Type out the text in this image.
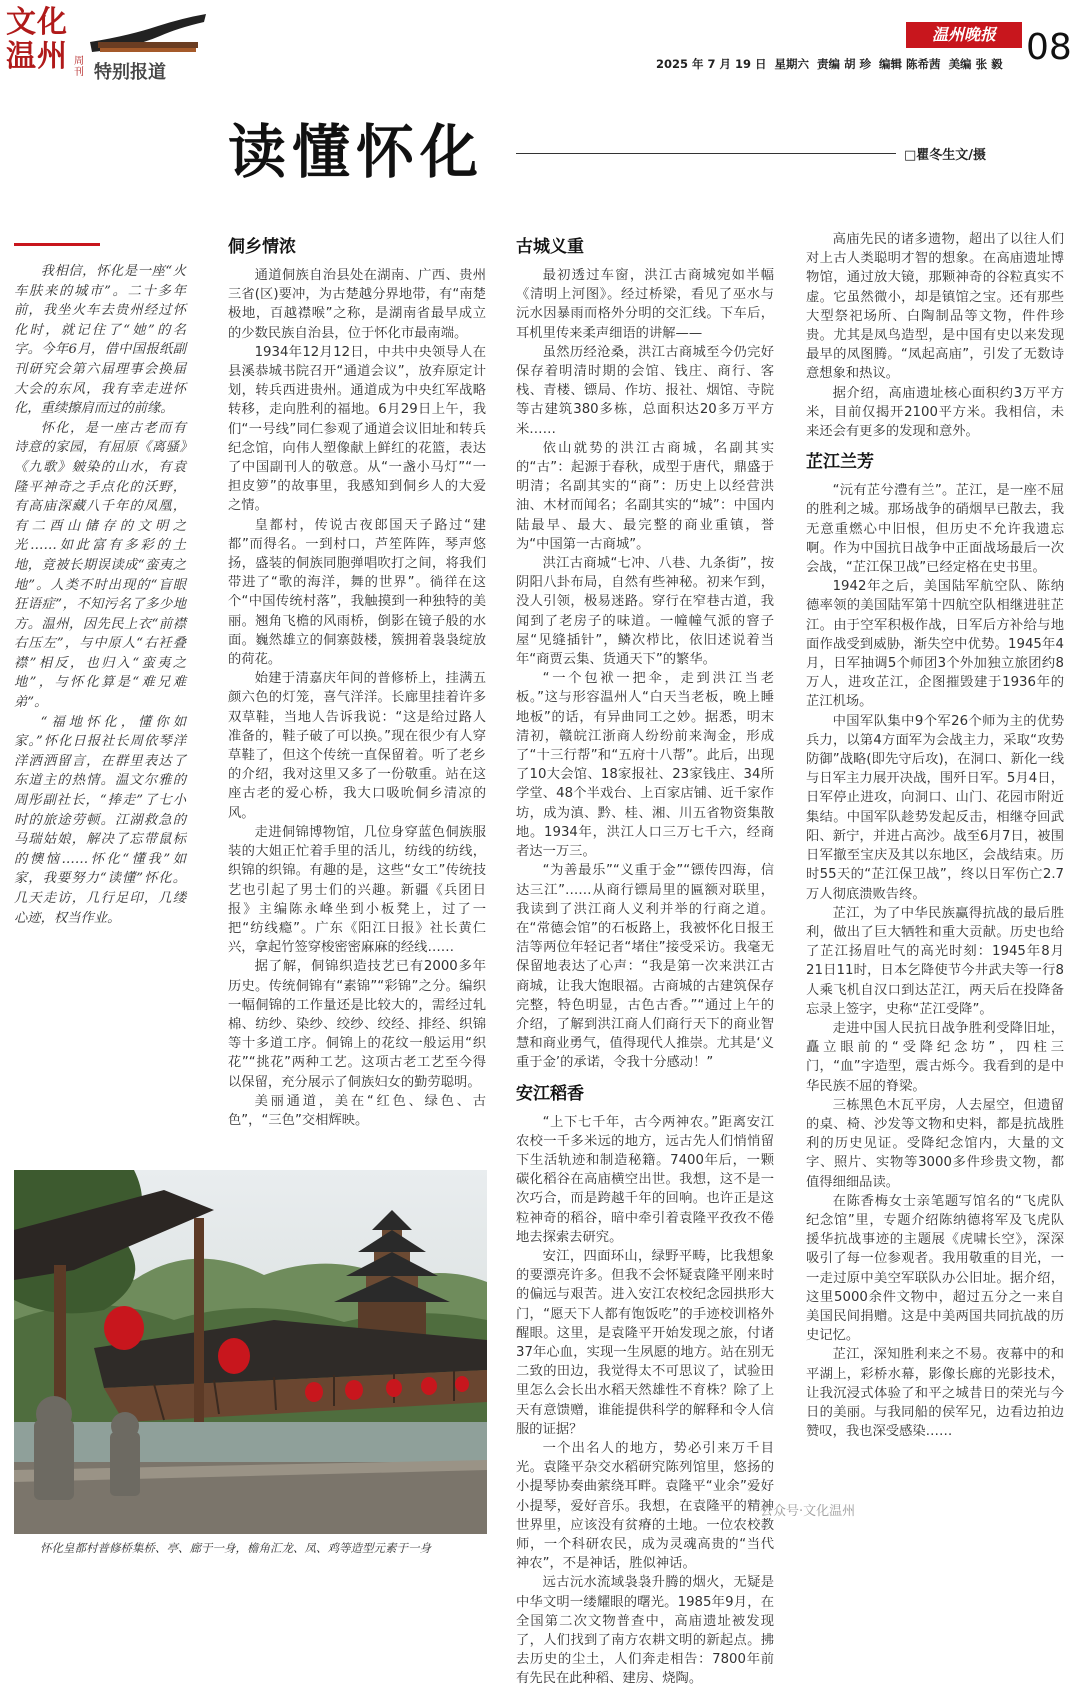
文化温州 周刊 特别报道
温州晚报 08
2025 年 7 月 19 日 星期六 责编 胡 珍 编辑 陈希茜 美编 张 毅
读懂怀化	□瞿冬生文/摄

我相信，怀化是一座“火车肤来的城市”。二十多年前，我坐火车去贵州经过怀化时，就记住了“她”的名字。今年6月，借中国报纸副刊研究会第六届理事会换届大会的东风，我有幸走进怀化，重续擦肩而过的前缘。

怀化，是一座古老而有诗意的家园，有屈原《离骚》《九歌》皴染的山水，有袁隆平神奇之手点化的沃野，有高庙深藏八千年的凤凰，有二酉山储存的文明之光……如此富有多彩的土地，竟被长期误读成“蛮夷之地”。人类不时出现的“盲眼狂语症”，不知污名了多少地方。温州，因先民上衣“前襟右压左”，与中原人“右衽叠襟”相反，也归入“蛮夷之地”，与怀化算是“难兄难弟”。

“福地怀化，懂你如家。”怀化日报社长周依琴洋洋洒洒留言，在群里表达了东道主的热情。温文尔雅的周彤副社长，“捧走”了七小时的旅途劳顿。江湖救急的马瑞姑娘，解决了忘带鼠标的懊恼……怀化“懂我”如家，我要努力“读懂”怀化。几天走访，几行足印，几缕心迹，权当作业。

侗乡情浓

通道侗族自治县处在湖南、广西、贵州三省(区)要冲，为古楚越分界地带，有“南楚极地，百越襟喉”之称，是湖南省最早成立的少数民族自治县，位于怀化市最南端。

1934年12月12日，中共中央领导人在县溪恭城书院召开“通道会议”，放弃原定计划，转兵西进贵州。通道成为中央红军战略转移，走向胜利的福地。6月29日上午，我们“一号线”同仁参观了通道会议旧址和转兵纪念馆，向伟人塑像献上鲜红的花篮，表达了中国副刊人的敬意。从“一盏小马灯”“一担皮箩”的故事里，我感知到侗乡人的大爱之情。

皇都村，传说古夜郎国天子路过“建都”而得名。一到村口，芦笙阵阵，琴声悠扬，盛装的侗族同胞弹唱吹打之间，将我们带进了“歌的海洋，舞的世界”。徜徉在这个“中国传统村落”，我触摸到一种独特的美丽。翘角飞檐的风雨桥，倒影在镜子般的水面。巍然雄立的侗寨鼓楼，簇拥着袅袅绽放的荷花。

始建于清嘉庆年间的普修桥上，挂满五颜六色的灯笼，喜气洋洋。长廊里挂着许多双草鞋，当地人告诉我说：“这是给过路人准备的，鞋子破了可以换。”现在很少有人穿草鞋了，但这个传统一直保留着。听了老乡的介绍，我对这里又多了一份敬重。站在这座古老的爱心桥，我大口吸吮侗乡清凉的风。

走进侗锦博物馆，几位身穿蓝色侗族服装的大姐正忙着手里的活儿，纺线的纺线，织锦的织锦。有趣的是，这些“女工”传统技艺也引起了男士们的兴趣。新疆《兵团日报》主编陈永峰坐到小板凳上，过了一把“纺线瘾”。广东《阳江日报》社长黄仁兴，拿起竹签穿梭密密麻麻的经线……

据了解，侗锦织造技艺已有2000多年历史。传统侗锦有“素锦”“彩锦”之分。编织一幅侗锦的工作量还是比较大的，需经过轧棉、纺纱、染纱、绞纱、绞经、排经、织锦等十多道工序。侗锦上的花纹一般运用“织花”“挑花”两种工艺。这项古老工艺至今得以保留，充分展示了侗族妇女的勤劳聪明。

美丽通道，美在“红色、绿色、古色”，“三色”交相辉映。

古城义重

最初透过车窗，洪江古商城宛如半幅《清明上河图》。经过桥梁，看见了巫水与沅水因暴雨而格外分明的交汇线。下车后，耳机里传来柔声细语的讲解——

虽然历经沧桑，洪江古商城至今仍完好保存着明清时期的会馆、钱庄、商行、客栈、青楼、镖局、作坊、报社、烟馆、寺院等古建筑380多栋，总面积达20多万平方米……

依山就势的洪江古商城，名副其实的“古”：起源于春秋，成型于唐代，鼎盛于明清；名副其实的“商”：历史上以经营洪油、木材而闻名；名副其实的“城”：中国内陆最早、最大、最完整的商业重镇，誉为“中国第一古商城”。

洪江古商城“七冲、八巷、九条街”，按阴阳八卦布局，自然有些神秘。初来乍到，没人引领，极易迷路。穿行在窄巷古道，我闻到了老房子的味道。一幢幢气派的窨子屋“见缝插针”，鳞次栉比，依旧述说着当年“商贾云集、货通天下”的繁华。

“一个包袱一把伞，走到洪江当老板。”这与形容温州人“白天当老板，晚上睡地板”的话，有异曲同工之妙。据悉，明末清初，赣皖江浙商人纷纷前来淘金，形成了“十三行帮”和“五府十八帮”。此后，出现了10大会馆、18家报社、23家钱庄、34所学堂、48个半戏台、上百家店铺、近千家作坊，成为滇、黔、桂、湘、川五省物资集散地。1934年，洪江人口三万七千六，经商者达一万三。

“为善最乐”“义重于金”“镖传四海，信达三江”……从商行镖局里的匾额对联里，我读到了洪江商人义利并举的行商之道。在“常德会馆”的石板路上，我被怀化日报王洁等两位年轻记者“堵住”接受采访。我毫无保留地表达了心声：“我是第一次来洪江古商城，让我大饱眼福。古商城的古建筑保存完整，特色明显，古色古香。”“通过上午的介绍，了解到洪江商人们商行天下的商业智慧和商业勇气，值得现代人推崇。尤其是‘义重于金’的承诺，令我十分感动！”

安江稻香

“上下七千年，古今两神农。”距离安江农校一千多米远的地方，远古先人们悄悄留下生活轨迹和制造秘籍。7400年后，一颗碳化稻谷在高庙横空出世。我想，这不是一次巧合，而是跨越千年的回响。也许正是这粒神奇的稻谷，暗中牵引着袁隆平孜孜不倦地去探索去研究。

安江，四面环山，绿野平畴，比我想象的要漂亮许多。但我不会怀疑袁隆平刚来时的偏远与艰苦。进入安江农校纪念园拱形大门，“愿天下人都有饱饭吃”的手迹校训格外醒眼。这里，是袁隆平开始发现之旅，付诸37年心血，实现一生夙愿的地方。站在别无二致的田边，我觉得太不可思议了，试验田里怎么会长出水稻天然雄性不育株？除了上天有意馈赠，谁能提供科学的解释和令人信服的证据？

一个出名人的地方，势必引来万千目光。袁隆平杂交水稻研究陈列馆里，悠扬的小提琴协奏曲萦绕耳畔。袁隆平“业余”爱好小提琴，爱好音乐。我想，在袁隆平的精神世界里，应该没有贫瘠的土地。一位农校教师，一个科研农民，成为灵魂高贵的“当代神农”，不是神话，胜似神话。

远古沅水流域袅袅升腾的烟火，无疑是中华文明一缕耀眼的曙光。1985年9月，在全国第二次文物普查中，高庙遗址被发现了，人们找到了南方农耕文明的新起点。拂去历史的尘土，人们奔走相告：7800年前有先民在此种稻、建房、烧陶。

高庙先民的诸多遗物，超出了以往人们对上古人类聪明才智的想象。在高庙遗址博物馆，通过放大镜，那颗神奇的谷粒真实不虚。它虽然微小，却是镇馆之宝。还有那些大型祭祀场所、白陶制品等文物，件件珍贵。尤其是凤鸟造型，是中国有史以来发现最早的凤图腾。“凤起高庙”，引发了无数诗意想象和热议。

据介绍，高庙遗址核心面积约3万平方米，目前仅揭开2100平方米。我相信，未来还会有更多的发现和意外。

芷江兰芳

“沅有芷兮澧有兰”。芷江，是一座不屈的胜利之城。那场战争的硝烟早已散去，我无意重燃心中旧恨，但历史不允许我遗忘啊。作为中国抗日战争中正面战场最后一次会战，“芷江保卫战”已经定格在史书里。

1942年之后，美国陆军航空队、陈纳德率领的美国陆军第十四航空队相继进驻芷江。由于空军积极作战，日军后方补给与地面作战受到威胁，渐失空中优势。1945年4月，日军抽调5个师团3个外加独立旅团约8万人，进攻芷江，企图摧毁建于1936年的芷江机场。

中国军队集中9个军26个师为主的优势兵力，以第4方面军为会战主力，采取“攻势防御”战略(即先守后攻)，在洞口、新化一线与日军主力展开决战，围歼日军。5月4日，日军停止进攻，向洞口、山门、花园市附近集结。中国军队趁势发起反击，相继夺回武阳、新宁，并进占高沙。战至6月7日，被围日军撤至宝庆及其以东地区，会战结束。历时55天的“芷江保卫战”，终以日军伤亡2.7万人彻底溃败告终。

芷江，为了中华民族赢得抗战的最后胜利，做出了巨大牺牲和重大贡献。历史也给了芷江扬眉吐气的高光时刻：1945年8月21日11时，日本乞降使节今井武夫等一行8人乘飞机自汉口到达芷江，两天后在投降备忘录上签字，史称“芷江受降”。

走进中国人民抗日战争胜利受降旧址，矗立眼前的“受降纪念坊”，四柱三门，“血”字造型，震古烁今。我看到的是中华民族不屈的脊梁。

三栋黑色木瓦平房，人去屋空，但遗留的桌、椅、沙发等文物和史料，都是抗战胜利的历史见证。受降纪念馆内，大量的文字、照片、实物等3000多件珍贵文物，都值得细细品读。

在陈香梅女士亲笔题写馆名的“飞虎队纪念馆”里，专题介绍陈纳德将军及飞虎队援华抗战事迹的主题展《虎啸长空》，深深吸引了每一位参观者。我用敬重的目光，一一走过原中美空军联队办公旧址。据介绍，这里5000余件文物中，超过五分之一来自美国民间捐赠。这是中美两国共同抗战的历史记忆。

芷江，深知胜利来之不易。夜幕中的和平湖上，彩桥水幕，影像长廊的光影技术，让我沉浸式体验了和平之城昔日的荣光与今日的美丽。与我同船的侯军兄，边看边拍边赞叹，我也深受感染……

怀化皇都村普修桥集桥、亭、廊于一身，檐角汇龙、凤、鸡等造型元素于一身
公众号·文化温州
